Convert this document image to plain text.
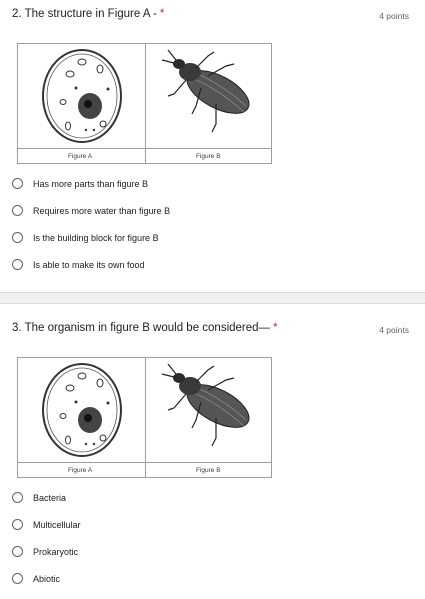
2. The structure in Figure A - *	4 points
Figure A	Figure B
Has more parts than figure B
Requires more water than figure B
Is the building block for figure B
Is able to make its own food
3. The organism in figure B would be considered— *	4 points
Figure A	Figure B
Bacteria
Multicellular
Prokaryotic
Abiotic
